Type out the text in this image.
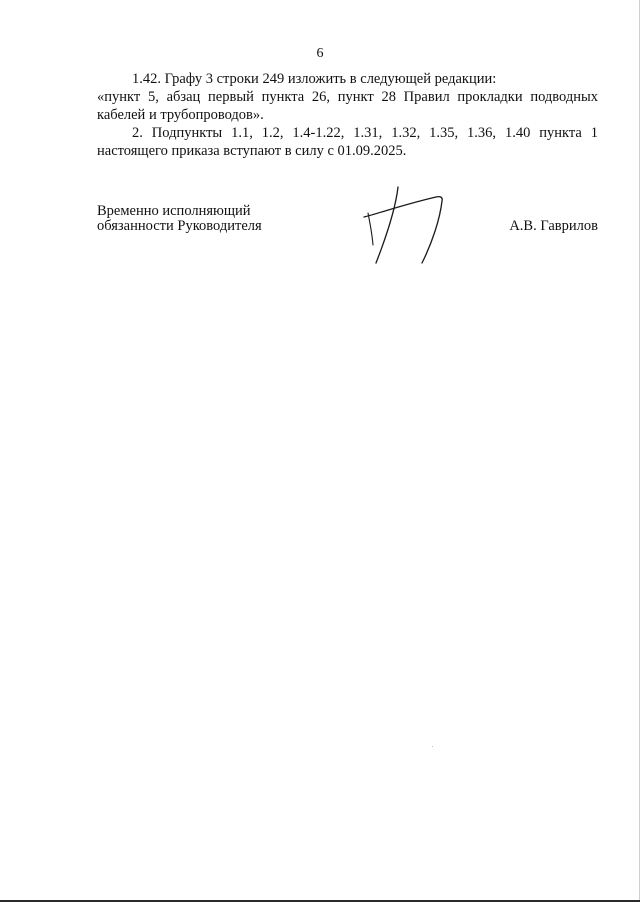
6
1.42. Графу 3 строки 249 изложить в следующей редакции:
«пункт 5, абзац первый пункта 26, пункт 28 Правил прокладки подводных
кабелей и трубопроводов».
2. Подпункты 1.1, 1.2, 1.4-1.22, 1.31, 1.32, 1.35, 1.36, 1.40 пункта 1
настоящего приказа вступают в силу с 01.09.2025.
Временно исполняющий
обязанности Руководителя	А.В. Гаврилов
